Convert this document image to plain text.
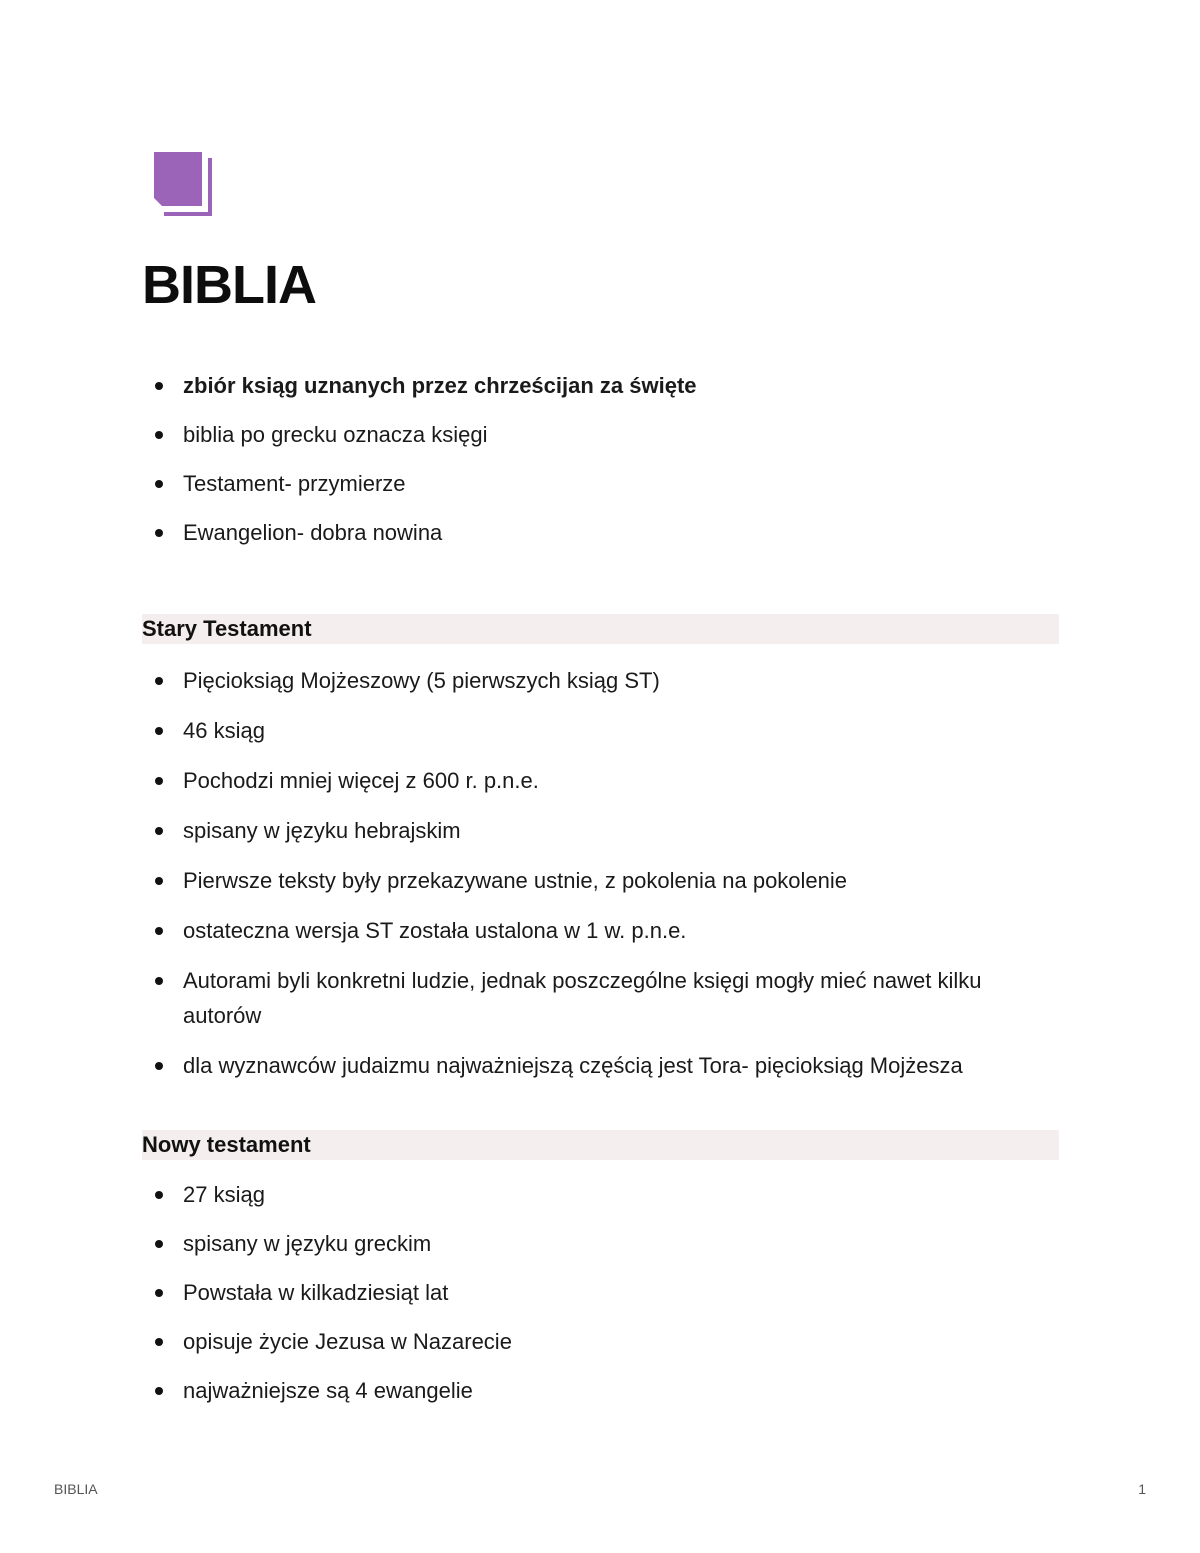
BIBLIA
zbiór ksiąg uznanych przez chrześcijan za święte
biblia po grecku oznacza księgi
Testament- przymierze
Ewangelion- dobra nowina
Stary Testament
Pięcioksiąg Mojżeszowy (5 pierwszych ksiąg ST)
46 ksiąg
Pochodzi mniej więcej z 600 r. p.n.e.
spisany w języku hebrajskim
Pierwsze teksty były przekazywane ustnie, z pokolenia na pokolenie
ostateczna wersja ST została ustalona w 1 w. p.n.e.
Autorami byli konkretni ludzie, jednak poszczególne księgi mogły mieć nawet kilku autorów
dla wyznawców judaizmu najważniejszą częścią jest Tora- pięcioksiąg Mojżesza
Nowy testament
27 ksiąg
spisany w języku greckim
Powstała w kilkadziesiąt lat
opisuje życie Jezusa w Nazarecie
najważniejsze są 4 ewangelie
BIBLIA	1
